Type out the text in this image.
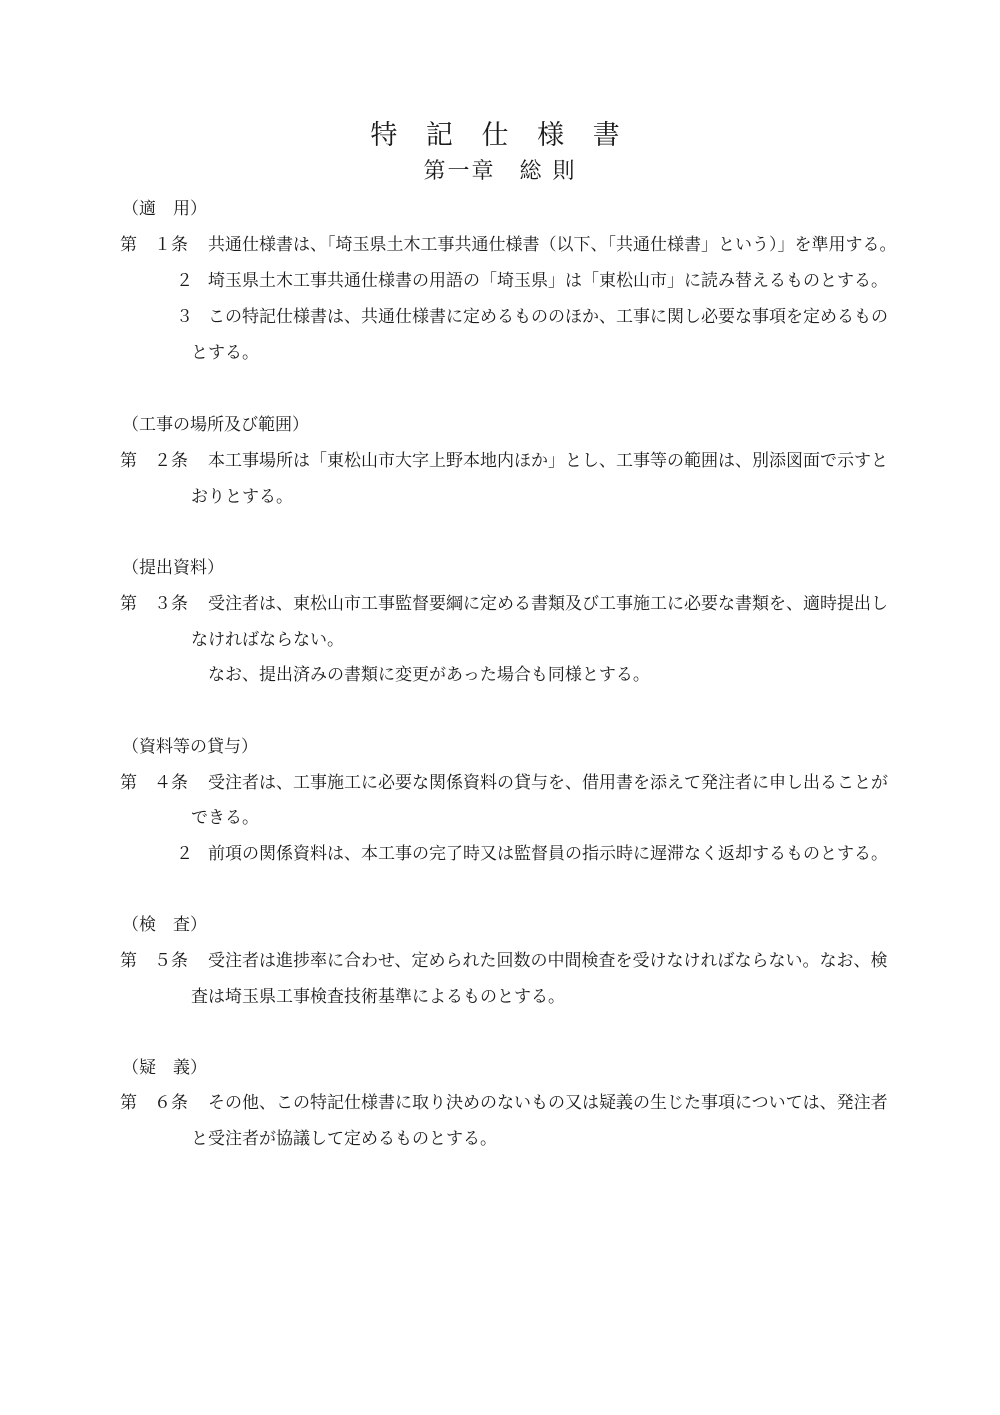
特 記 仕 様 書
第一章　総 則

（適　用）

第　１条 共通仕様書は、「埼玉県土木工事共通仕様書（以下、「共通仕様書」という）」を準用する。

２ 埼玉県土木工事共通仕様書の用語の「埼玉県」は「東松山市」に読み替えるものとする。

３ この特記仕様書は、共通仕様書に定めるもののほか、工事に関し必要な事項を定めるもの

とする。

（工事の場所及び範囲）

第　２条 本工事場所は「東松山市大字上野本地内ほか」とし、工事等の範囲は、別添図面で示すと

おりとする。

（提出資料）

第　３条 受注者は、東松山市工事監督要綱に定める書類及び工事施工に必要な書類を、適時提出し

なければならない。

なお、提出済みの書類に変更があった場合も同様とする。

（資料等の貸与）

第　４条 受注者は、工事施工に必要な関係資料の貸与を、借用書を添えて発注者に申し出ることが

できる。

２ 前項の関係資料は、本工事の完了時又は監督員の指示時に遅滞なく返却するものとする。

（検　査）

第　５条 受注者は進捗率に合わせ、定められた回数の中間検査を受けなければならない。なお、検

査は埼玉県工事検査技術基準によるものとする。

（疑　義）

第　６条 その他、この特記仕様書に取り決めのないもの又は疑義の生じた事項については、発注者

と受注者が協議して定めるものとする。
